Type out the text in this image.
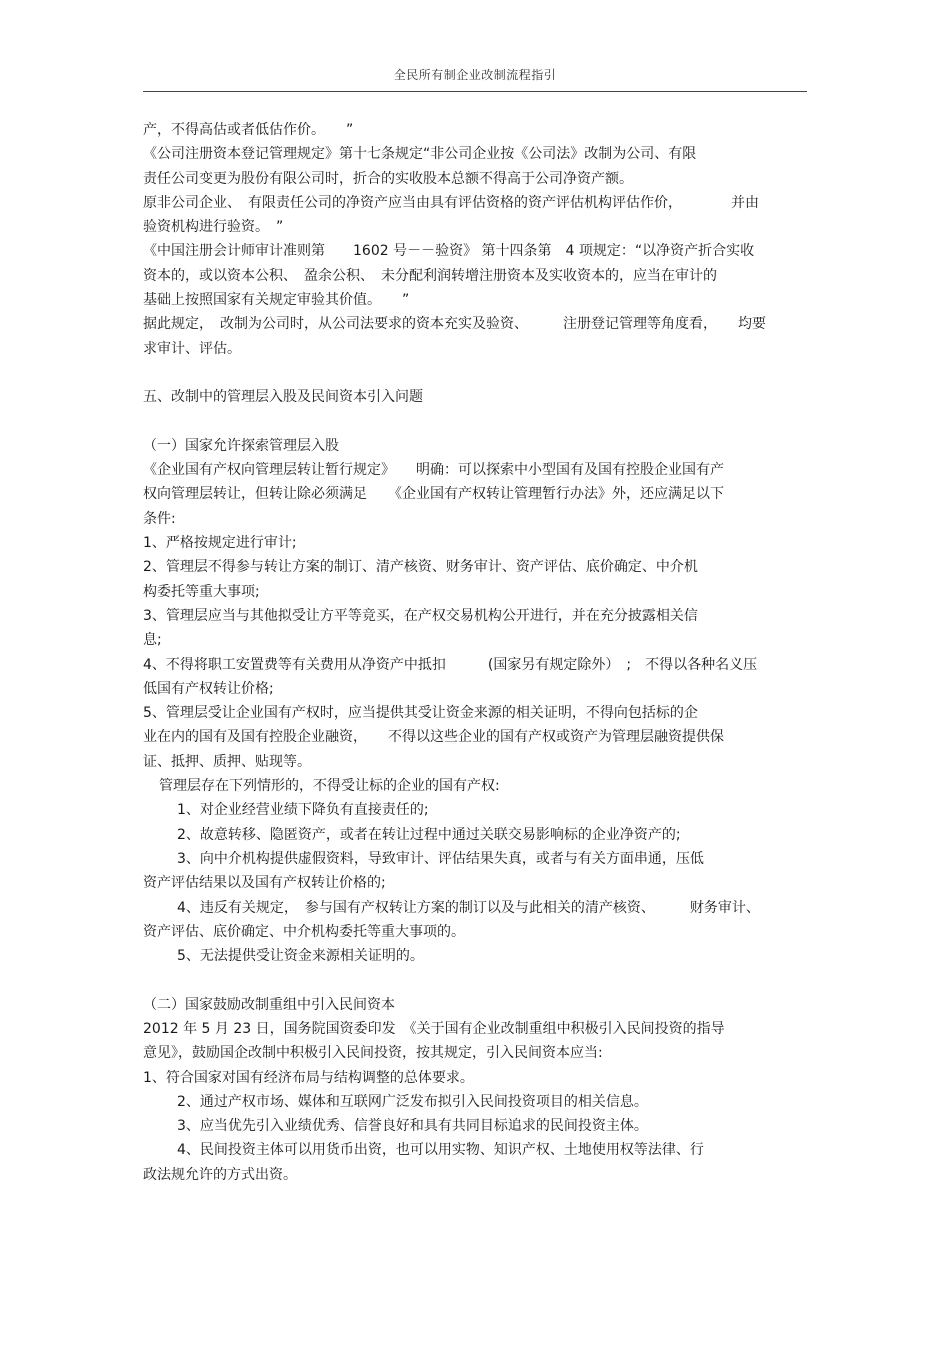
全民所有制企业改制流程指引
产，不得高估或者低估作价。　　”
《公司注册资本登记管理规定》第十七条规定“非公司企业按《公司法》改制为公司、有限
责任公司变更为股份有限公司时，折合的实收股本总额不得高于公司净资产额。
原非公司企业、　有限责任公司的净资产应当由具有评估资格的资产评估机构评估作价，　　　　并由
验资机构进行验资。　”
《中国注册会计师审计准则第　　1602 号－－验资》 第十四条第　4 项规定：“以净资产折合实收
资本的，或以资本公积、　盈余公积、　未分配利润转增注册资本及实收资本的，应当在审计的
基础上按照国家有关规定审验其价值。　　”
据此规定，　改制为公司时，从公司法要求的资本充实及验资、　　　注册登记管理等角度看，　　均要
求审计、评估。
五、改制中的管理层入股及民间资本引入问题
（一）国家允许探索管理层入股
《企业国有产权向管理层转让暂行规定》　　明确：可以探索中小型国有及国有控股企业国有产
权向管理层转让，但转让除必须满足　　《企业国有产权转让管理暂行办法》外，还应满足以下
条件:
1、严格按规定进行审计;
2、管理层不得参与转让方案的制订、清产核资、财务审计、资产评估、底价确定、中介机
构委托等重大事项;
3、管理层应当与其他拟受让方平等竞买，在产权交易机构公开进行，并在充分披露相关信
息;
4、不得将职工安置费等有关费用从净资产中抵扣　　　(国家另有规定除外）　;　不得以各种名义压
低国有产权转让价格;
5、管理层受让企业国有产权时，应当提供其受让资金来源的相关证明，不得向包括标的企
业在内的国有及国有控股企业融资，　　不得以这些企业的国有产权或资产为管理层融资提供保
证、抵押、质押、贴现等。
管理层存在下列情形的，不得受让标的企业的国有产权:
1、对企业经营业绩下降负有直接责任的;
2、故意转移、隐匿资产，或者在转让过程中通过关联交易影响标的企业净资产的;
3、向中介机构提供虚假资料，导致审计、评估结果失真，或者与有关方面串通，压低
资产评估结果以及国有产权转让价格的;
4、违反有关规定，　参与国有产权转让方案的制订以及与此相关的清产核资、　　　财务审计、
资产评估、底价确定、中介机构委托等重大事项的。
5、无法提供受让资金来源相关证明的。
（二）国家鼓励改制重组中引入民间资本
2012 年 5 月 23 日，国务院国资委印发　《关于国有企业改制重组中积极引入民间投资的指导
意见》，鼓励国企改制中积极引入民间投资，按其规定，引入民间资本应当:
1、符合国家对国有经济布局与结构调整的总体要求。
2、通过产权市场、媒体和互联网广泛发布拟引入民间投资项目的相关信息。
3、应当优先引入业绩优秀、信誉良好和具有共同目标追求的民间投资主体。
4、民间投资主体可以用货币出资，也可以用实物、知识产权、土地使用权等法律、行
政法规允许的方式出资。
